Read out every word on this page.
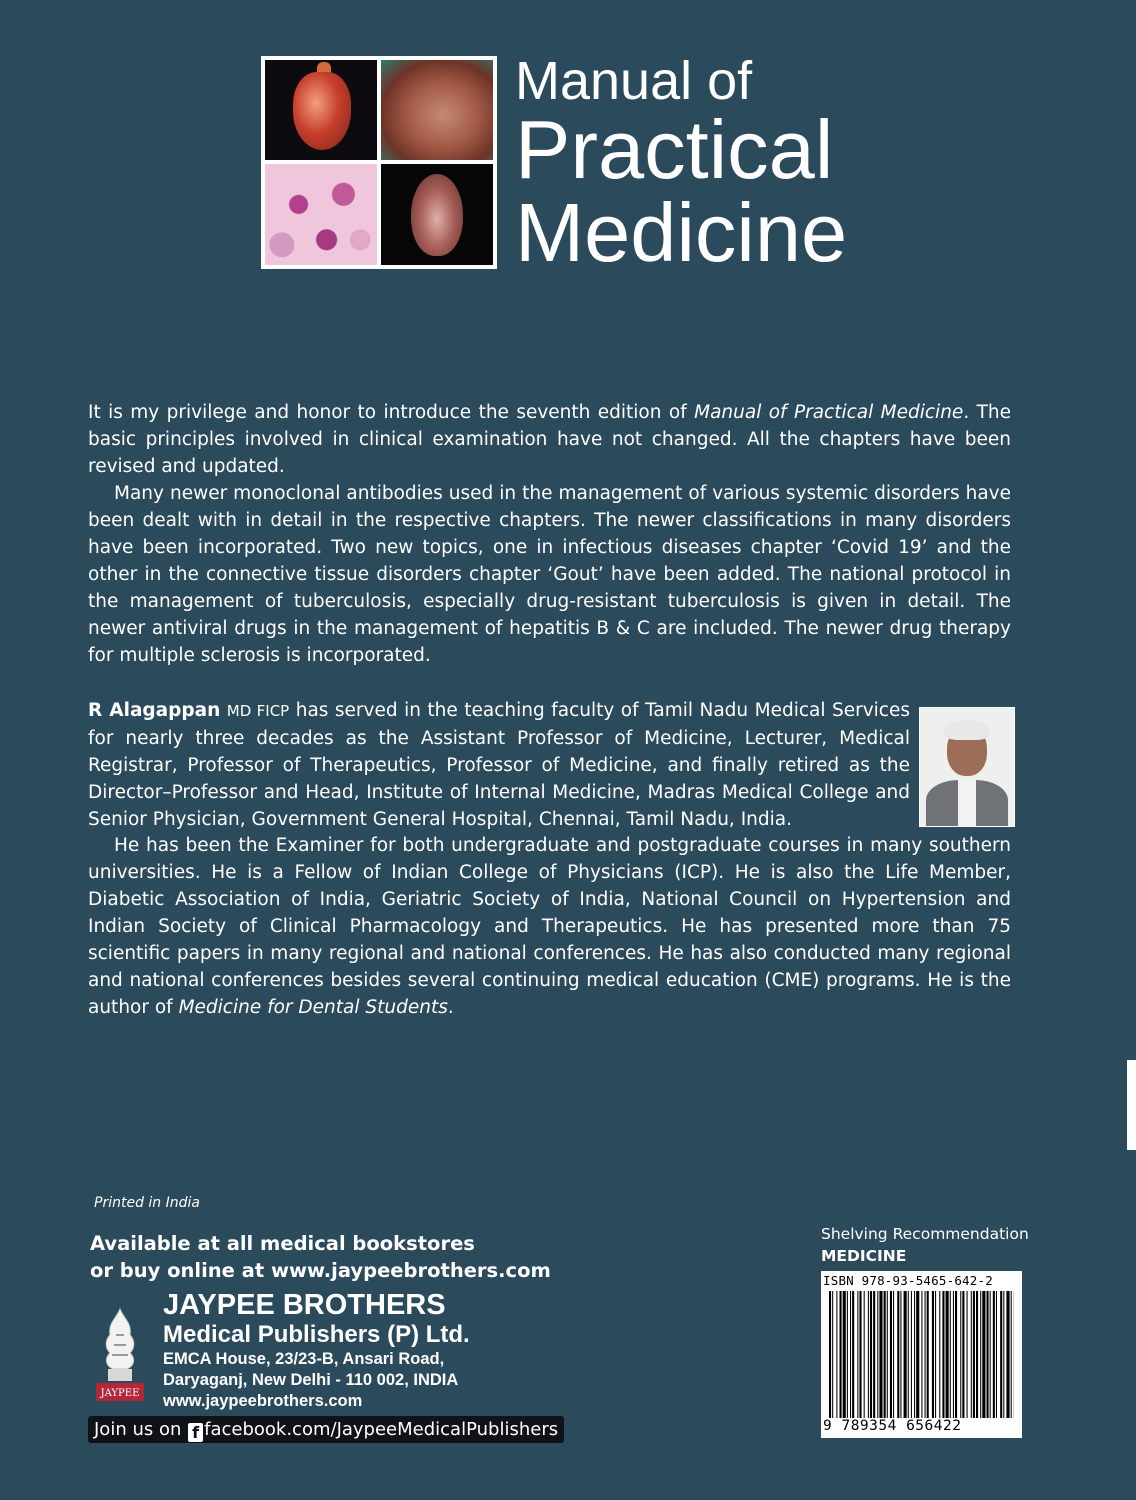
Manual of
Practical
Medicine

It is my privilege and honor to introduce the seventh edition of Manual of Practical Medicine. The basic principles involved in clinical examination have not changed. All the chapters have been revised and updated.

Many newer monoclonal antibodies used in the management of various systemic disorders have been dealt with in detail in the respective chapters. The newer classifications in many disorders have been incorporated. Two new topics, one in infectious diseases chapter ‘Covid 19’ and the other in the connective tissue disorders chapter ‘Gout’ have been added. The national protocol in the management of tuberculosis, especially drug-resistant tuberculosis is given in detail. The newer antiviral drugs in the management of hepatitis B & C are included. The newer drug therapy for multiple sclerosis is incorporated.

R Alagappan MD FICP has served in the teaching faculty of Tamil Nadu Medical Services for nearly three decades as the Assistant Professor of Medicine, Lecturer, Medical Registrar, Professor of Therapeutics, Professor of Medicine, and finally retired as the Director–Professor and Head, Institute of Internal Medicine, Madras Medical College and Senior Physician, Government General Hospital, Chennai, Tamil Nadu, India.

He has been the Examiner for both undergraduate and postgraduate courses in many southern universities. He is a Fellow of Indian College of Physicians (ICP). He is also the Life Member, Diabetic Association of India, Geriatric Society of India, National Council on Hypertension and Indian Society of Clinical Pharmacology and Therapeutics. He has presented more than 75 scientific papers in many regional and national conferences. He has also conducted many regional and national conferences besides several continuing medical education (CME) programs. He is the author of Medicine for Dental Students.

Printed in India
Available at all medical bookstores
or buy online at www.jaypeebrothers.com
JAYPEE
JAYPEE BROTHERS
Medical Publishers (P) Ltd.
EMCA House, 23/23-B, Ansari Road,
Daryaganj, New Delhi - 110 002, INDIA
www.jaypeebrothers.com
Join us on f facebook.com/JaypeeMedicalPublishers
Shelving Recommendation
MEDICINE
ISBN 978-93-5465-642-2
9 789354 656422
